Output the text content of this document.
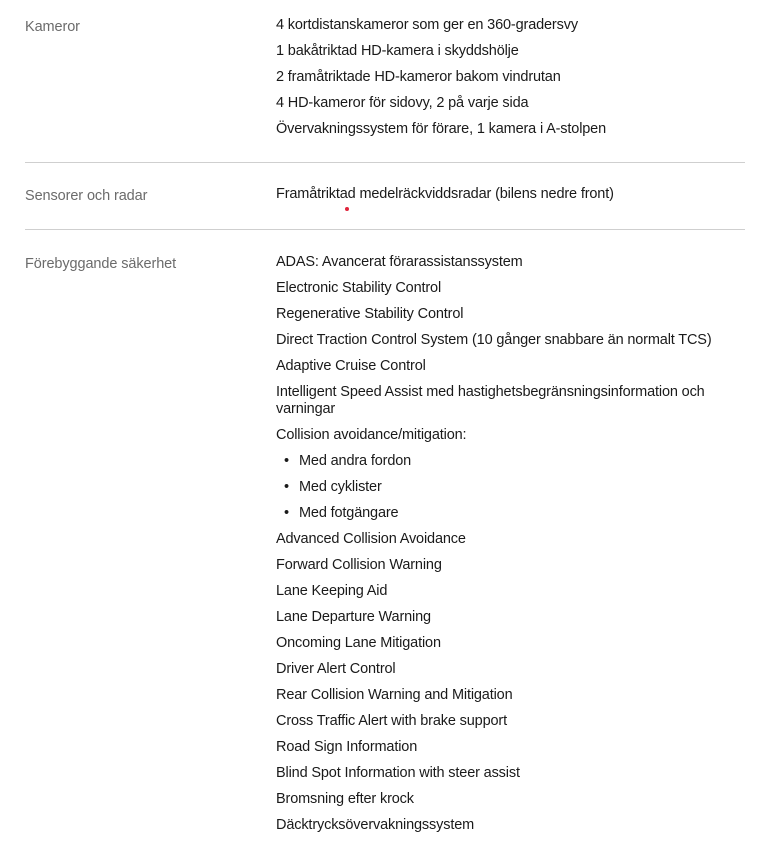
Kameror	4 kortdistanskameror som ger en 360-gradersvy
1 bakåtriktad HD-kamera i skyddshölje
2 framåtriktade HD-kameror bakom vindrutan
4 HD-kameror för sidovy, 2 på varje sida
Övervakningssystem för förare, 1 kamera i A-stolpen
Sensorer och radar	Framåtriktad medelräckviddsradar (bilens nedre front)
Förebyggande säkerhet	ADAS: Avancerat förarassistanssystem
Electronic Stability Control
Regenerative Stability Control
Direct Traction Control System (10 gånger snabbare än normalt TCS)
Adaptive Cruise Control
Intelligent Speed Assist med hastighetsbegränsningsinformation och varningar
Collision avoidance/mitigation:
• Med andra fordon
• Med cyklister
• Med fotgängare
Advanced Collision Avoidance
Forward Collision Warning
Lane Keeping Aid
Lane Departure Warning
Oncoming Lane Mitigation
Driver Alert Control
Rear Collision Warning and Mitigation
Cross Traffic Alert with brake support
Road Sign Information
Blind Spot Information with steer assist
Bromsning efter krock
Däcktrycksövervakningssystem
